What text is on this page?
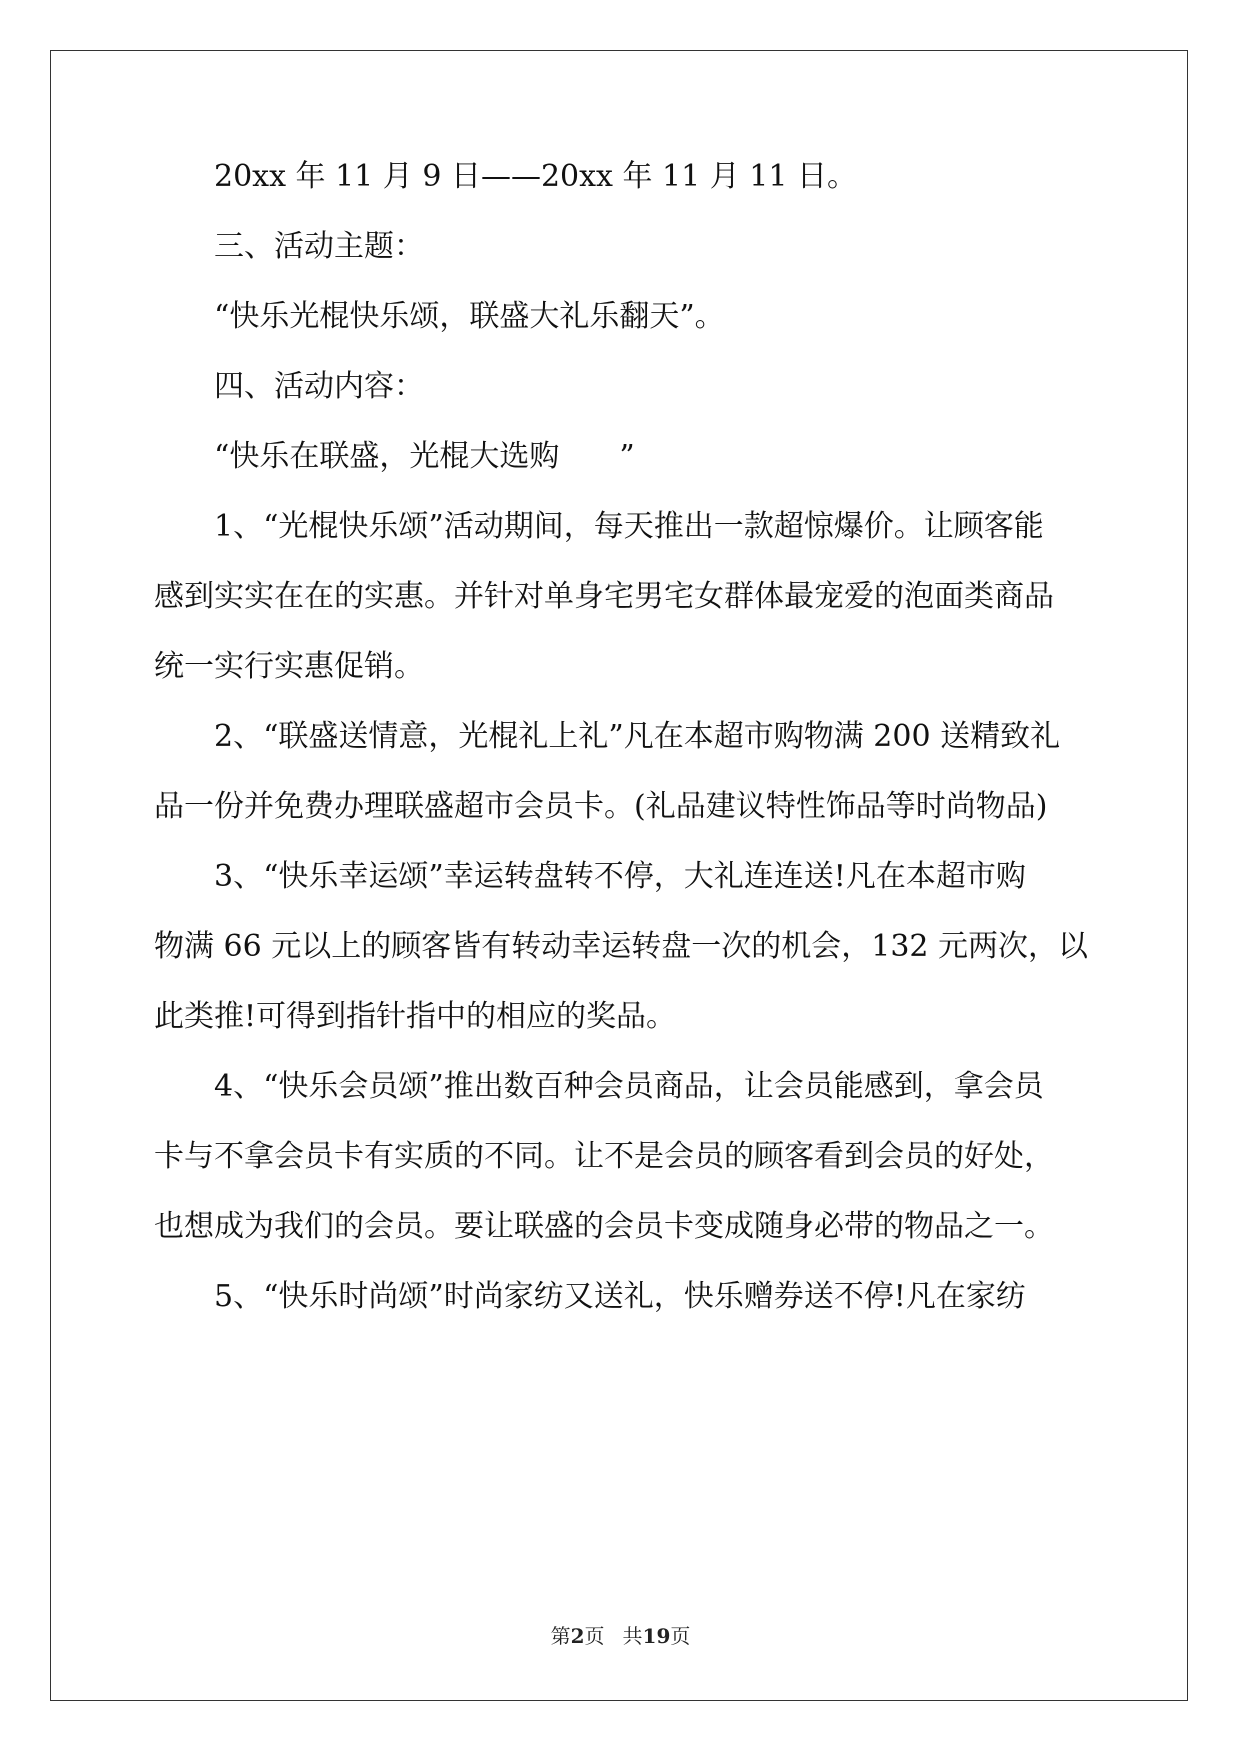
20xx 年 11 月 9 日——20xx 年 11 月 11 日。
三、活动主题：
“快乐光棍快乐颂，联盛大礼乐翻天”。
四、活动内容：
“快乐在联盛，光棍大选购　　”
1、“光棍快乐颂”活动期间，每天推出一款超惊爆价。让顾客能
感到实实在在的实惠。并针对单身宅男宅女群体最宠爱的泡面类商品
统一实行实惠促销。
2、“联盛送情意，光棍礼上礼”凡在本超市购物满 200 送精致礼
品一份并免费办理联盛超市会员卡。(礼品建议特性饰品等时尚物品)
3、“快乐幸运颂”幸运转盘转不停，大礼连连送!凡在本超市购
物满 66 元以上的顾客皆有转动幸运转盘一次的机会，132 元两次，以
此类推!可得到指针指中的相应的奖品。
4、“快乐会员颂”推出数百种会员商品，让会员能感到，拿会员
卡与不拿会员卡有实质的不同。让不是会员的顾客看到会员的好处，
也想成为我们的会员。要让联盛的会员卡变成随身必带的物品之一。
5、“快乐时尚颂”时尚家纺又送礼，快乐赠券送不停!凡在家纺
第2页 共19页
